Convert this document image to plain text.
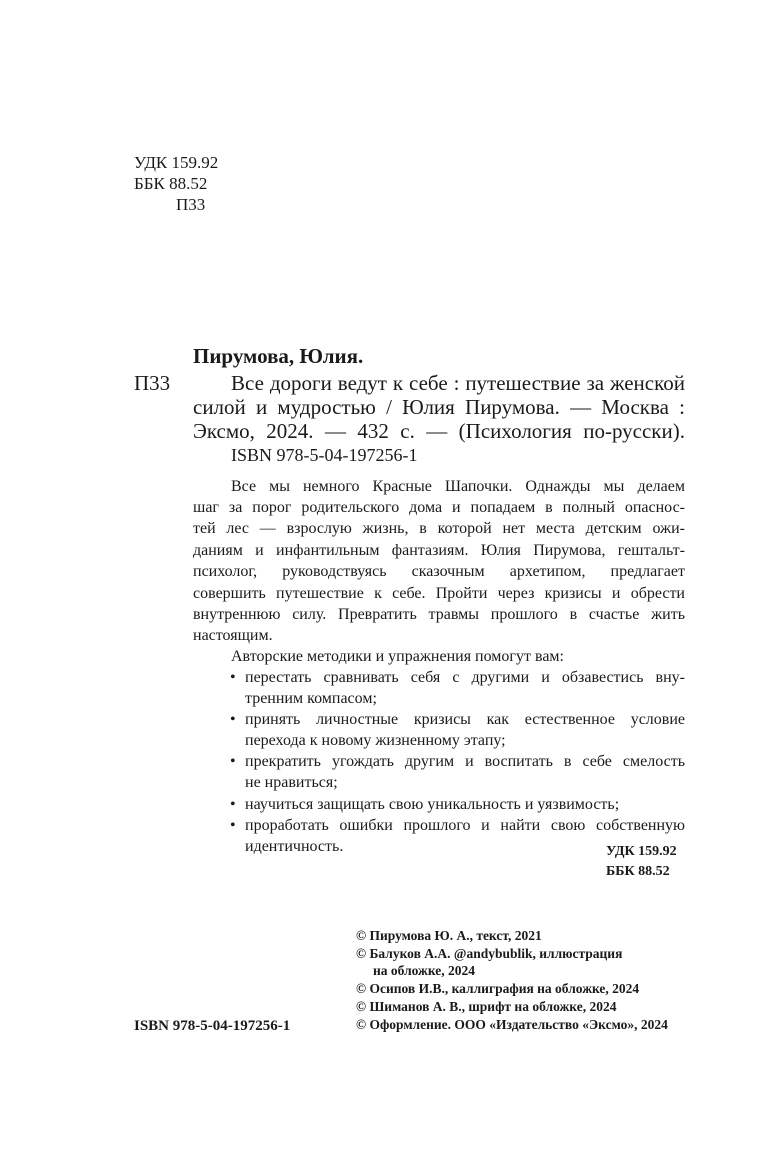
УДК 159.92
ББК 88.52
П33
Пирумова, Юлия.
П33	Все дороги ведут к себе : путешествие за женской

силой и мудростью / Юлия Пирумова. — Москва :

Эксмо, 2024. — 432 с. — (Психология по-русски).

ISBN 978-5-04-197256-1

Все мы немного Красные Шапочки. Однажды мы делаем

шаг за порог родительского дома и попадаем в полный опаснос-

тей лес — взрослую жизнь, в которой нет места детским ожи-

даниям и инфантильным фантазиям. Юлия Пирумова, гештальт-

психолог, руководствуясь сказочным архетипом, предлагает

совершить путешествие к себе. Пройти через кризисы и обрести

внутреннюю силу. Превратить травмы прошлого в счастье жить

настоящим.

Авторские методики и упражнения помогут вам:

• перестать сравнивать себя с другими и обзавестись вну-

тренним компасом;

• принять личностные кризисы как естественное условие

перехода к новому жизненному этапу;

• прекратить угождать другим и воспитать в себе смелость

не нравиться;

• научиться защищать свою уникальность и уязвимость;

• проработать ошибки прошлого и найти свою собственную

идентичность.	УДК 159.92
ББК 88.52

© Пирумова Ю. А., текст, 2021

© Балуков А.А. @andybublik, иллюстрация

на обложке, 2024

© Осипов И.В., каллиграфия на обложке, 2024

© Шиманов А. В., шрифт на обложке, 2024

© Оформление. ООО «Издательство «Эксмо», 2024

ISBN 978-5-04-197256-1
